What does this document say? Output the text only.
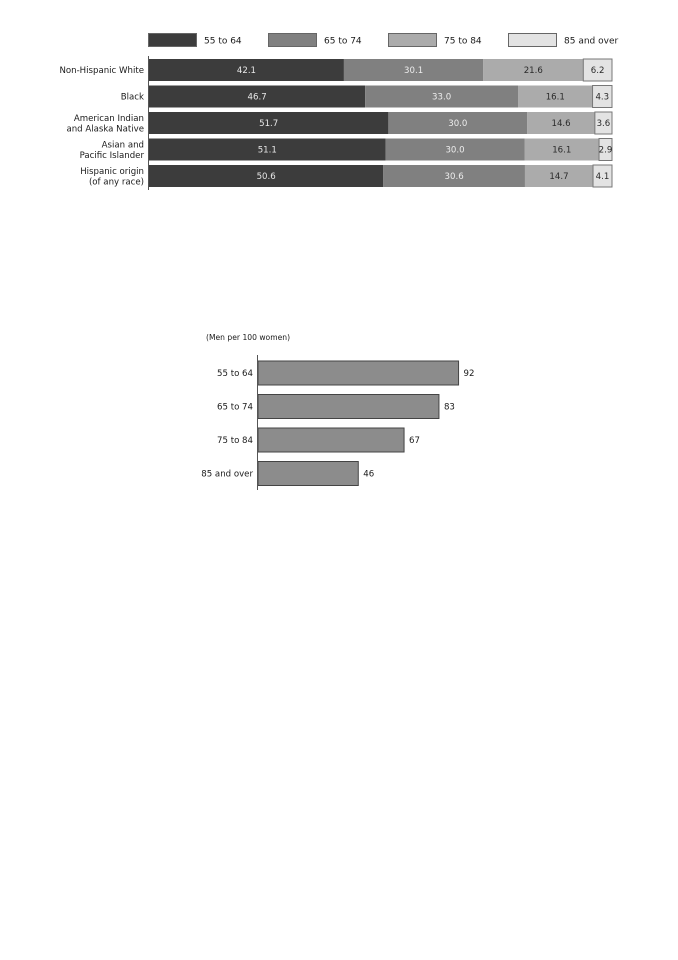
55 to 64	65 to 74	75 to 84	85 and over
Non-Hispanic White
Black
American Indian and Alaska Native
Asian and Pacific Islander
Hispanic origin (of any race)
42.1	30.1	21.6	6.2
46.7	33.0	16.1	4.3
51.7	30.0	14.6	3.6
51.1	30.0	16.1	2.9
50.6	30.6	14.7	4.1
(Men per 100 women)
55 to 64
65 to 74
75 to 84
85 and over
92
83
67
46
